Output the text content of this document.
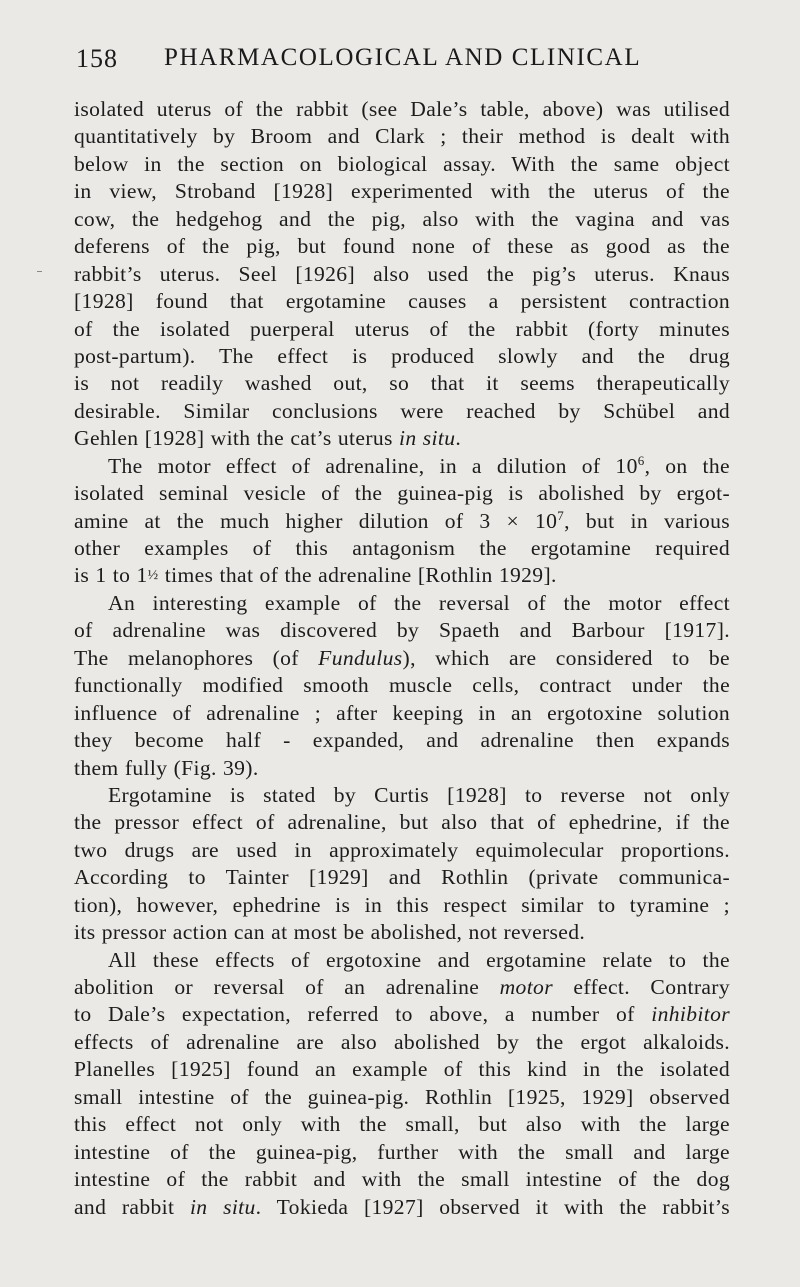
158 PHARMACOLOGICAL AND CLINICAL
isolated uterus of the rabbit (see Dale’s table, above) was utilised
quantitatively by Broom and Clark ; their method is dealt with
below in the section on biological assay. With the same object
in view, Stroband [1928] experimented with the uterus of the
cow, the hedgehog and the pig, also with the vagina and vas
deferens of the pig, but found none of these as good as the
rabbit’s uterus. Seel [1926] also used the pig’s uterus. Knaus
[1928] found that ergotamine causes a persistent contraction
of the isolated puerperal uterus of the rabbit (forty minutes
post-partum). The effect is produced slowly and the drug
is not readily washed out, so that it seems therapeutically
desirable. Similar conclusions were reached by Schübel and
Gehlen [1928] with the cat’s uterus in situ.
The motor effect of adrenaline, in a dilution of $10^6$, on the
isolated seminal vesicle of the guinea-pig is abolished by ergot-
amine at the much higher dilution of $3 \times 10^7$, but in various
other examples of this antagonism the ergotamine required
is 1 to 1½ times that of the adrenaline [Rothlin 1929].
An interesting example of the reversal of the motor effect
of adrenaline was discovered by Spaeth and Barbour [1917].
The melanophores (of Fundulus), which are considered to be
functionally modified smooth muscle cells, contract under the
influence of adrenaline ; after keeping in an ergotoxine solution
they become half - expanded, and adrenaline then expands
them fully (Fig. 39).
Ergotamine is stated by Curtis [1928] to reverse not only
the pressor effect of adrenaline, but also that of ephedrine, if the
two drugs are used in approximately equimolecular proportions.
According to Tainter [1929] and Rothlin (private communica-
tion), however, ephedrine is in this respect similar to tyramine ;
its pressor action can at most be abolished, not reversed.
All these effects of ergotoxine and ergotamine relate to the
abolition or reversal of an adrenaline motor effect. Contrary
to Dale’s expectation, referred to above, a number of inhibitor
effects of adrenaline are also abolished by the ergot alkaloids.
Planelles [1925] found an example of this kind in the isolated
small intestine of the guinea-pig. Rothlin [1925, 1929] observed
this effect not only with the small, but also with the large
intestine of the guinea-pig, further with the small and large
intestine of the rabbit and with the small intestine of the dog
and rabbit in situ. Tokieda [1927] observed it with the rabbit’s
